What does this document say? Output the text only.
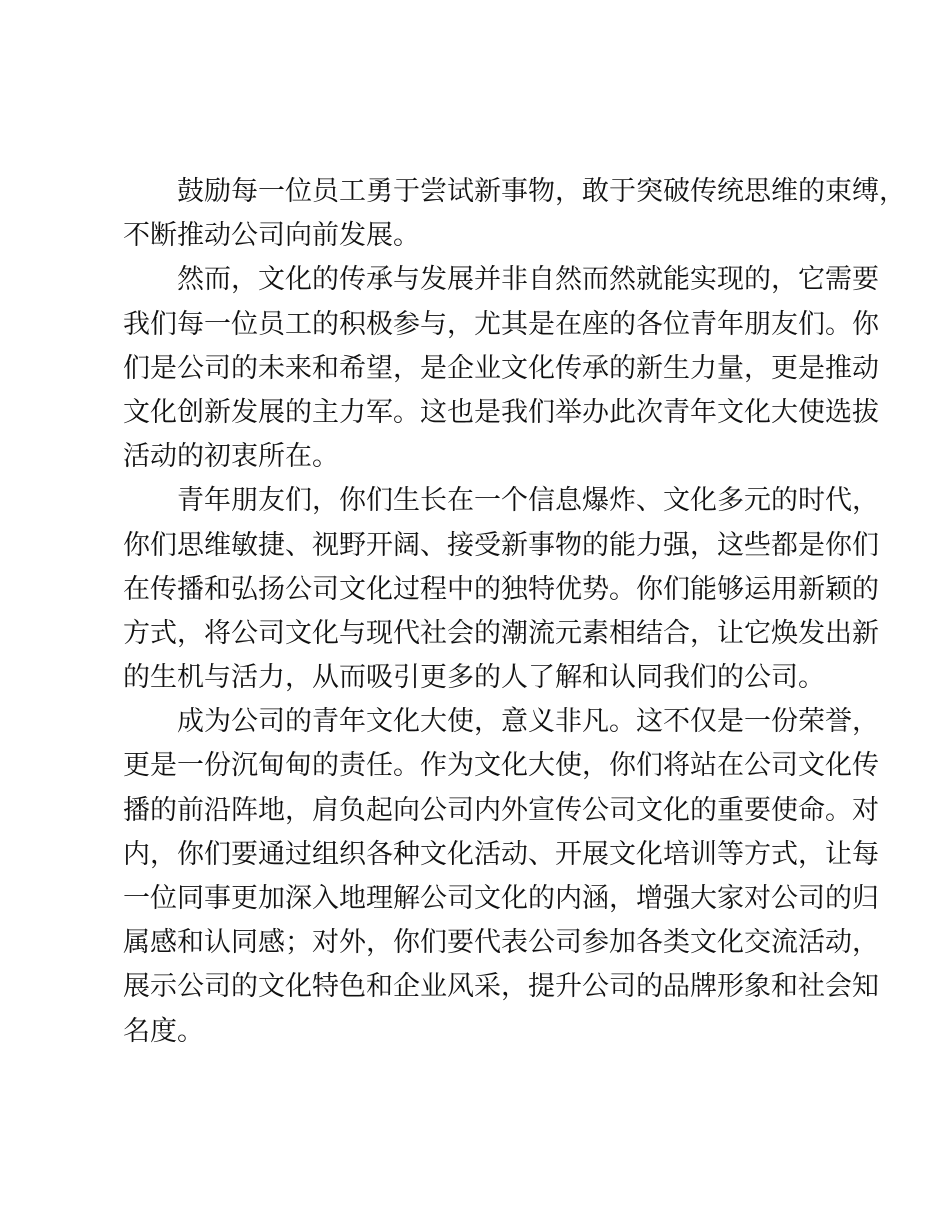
鼓励每一位员工勇于尝试新事物，敢于突破传统思维的束缚，
不断推动公司向前发展。

然而，文化的传承与发展并非自然而然就能实现的，它需要
我们每一位员工的积极参与，尤其是在座的各位青年朋友们。你
们是公司的未来和希望，是企业文化传承的新生力量，更是推动
文化创新发展的主力军。这也是我们举办此次青年文化大使选拔
活动的初衷所在。

青年朋友们，你们生长在一个信息爆炸、文化多元的时代，
你们思维敏捷、视野开阔、接受新事物的能力强，这些都是你们
在传播和弘扬公司文化过程中的独特优势。你们能够运用新颖的
方式，将公司文化与现代社会的潮流元素相结合，让它焕发出新
的生机与活力，从而吸引更多的人了解和认同我们的公司。

成为公司的青年文化大使，意义非凡。这不仅是一份荣誉，
更是一份沉甸甸的责任。作为文化大使，你们将站在公司文化传
播的前沿阵地，肩负起向公司内外宣传公司文化的重要使命。对
内，你们要通过组织各种文化活动、开展文化培训等方式，让每
一位同事更加深入地理解公司文化的内涵，增强大家对公司的归
属感和认同感；对外，你们要代表公司参加各类文化交流活动，
展示公司的文化特色和企业风采，提升公司的品牌形象和社会知
名度。
